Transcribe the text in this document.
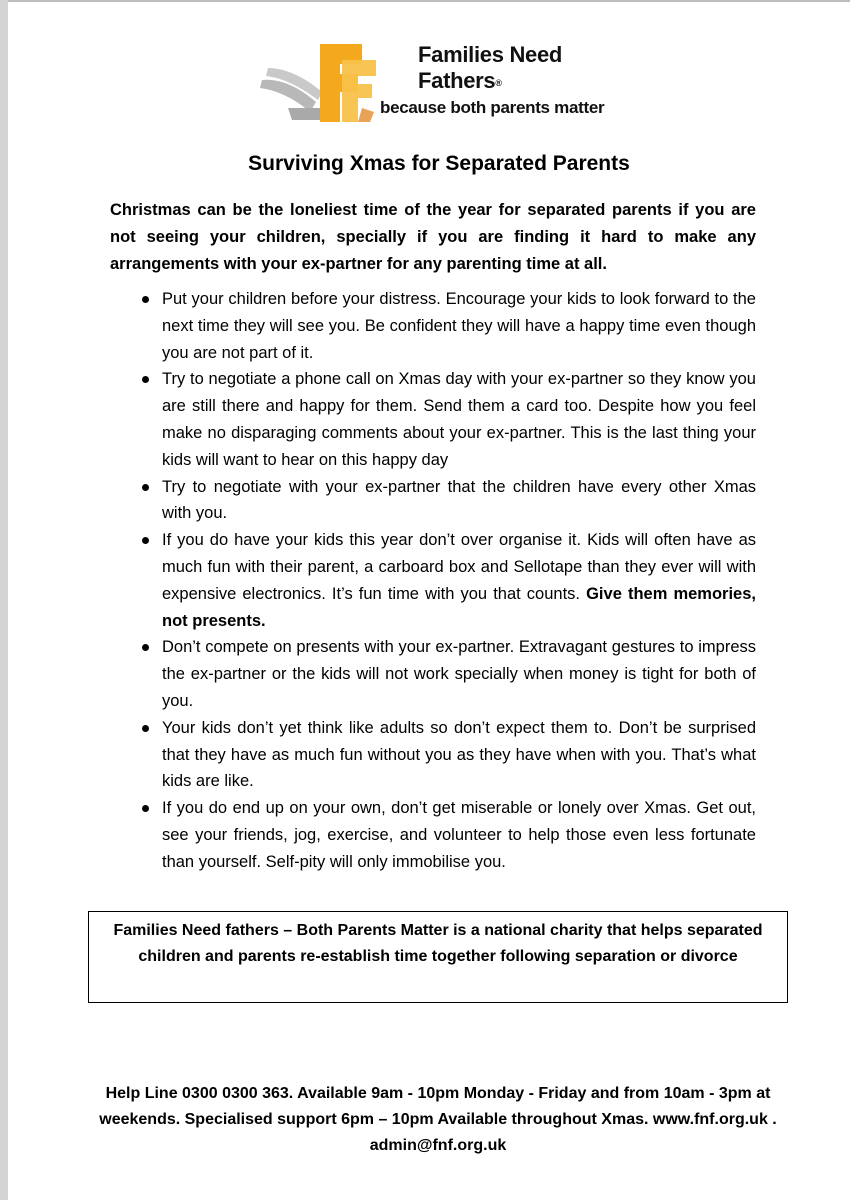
Families Need
Fathers®
because both parents matter
Surviving Xmas for Separated Parents
Christmas can be the loneliest time of the year for separated parents if you are not seeing your children, specially if you are finding it hard to make any arrangements with your ex-partner for any parenting time at all.
Put your children before your distress. Encourage your kids to look forward to the next time they will see you. Be confident they will have a happy time even though you are not part of it.
Try to negotiate a phone call on Xmas day with your ex-partner so they know you are still there and happy for them. Send them a card too. Despite how you feel make no disparaging comments about your ex-partner. This is the last thing your kids will want to hear on this happy day
Try to negotiate with your ex-partner that the children have every other Xmas with you.
If you do have your kids this year don’t over organise it. Kids will often have as much fun with their parent, a carboard box and Sellotape than they ever will with expensive electronics. It’s fun time with you that counts. Give them memories, not presents.
Don’t compete on presents with your ex-partner. Extravagant gestures to impress the ex-partner or the kids will not work specially when money is tight for both of you.
Your kids don’t yet think like adults so don’t expect them to. Don’t be surprised that they have as much fun without you as they have when with you. That’s what kids are like.
If you do end up on your own, don’t get miserable or lonely over Xmas. Get out, see your friends, jog, exercise, and volunteer to help those even less fortunate than yourself. Self-pity will only immobilise you.
Families Need fathers – Both Parents Matter is a national charity that helps separated children and parents re-establish time together following separation or divorce
Help Line 0300 0300 363. Available 9am - 10pm Monday - Friday and from 10am - 3pm at weekends. Specialised support 6pm – 10pm Available throughout Xmas. www.fnf.org.uk . admin@fnf.org.uk
